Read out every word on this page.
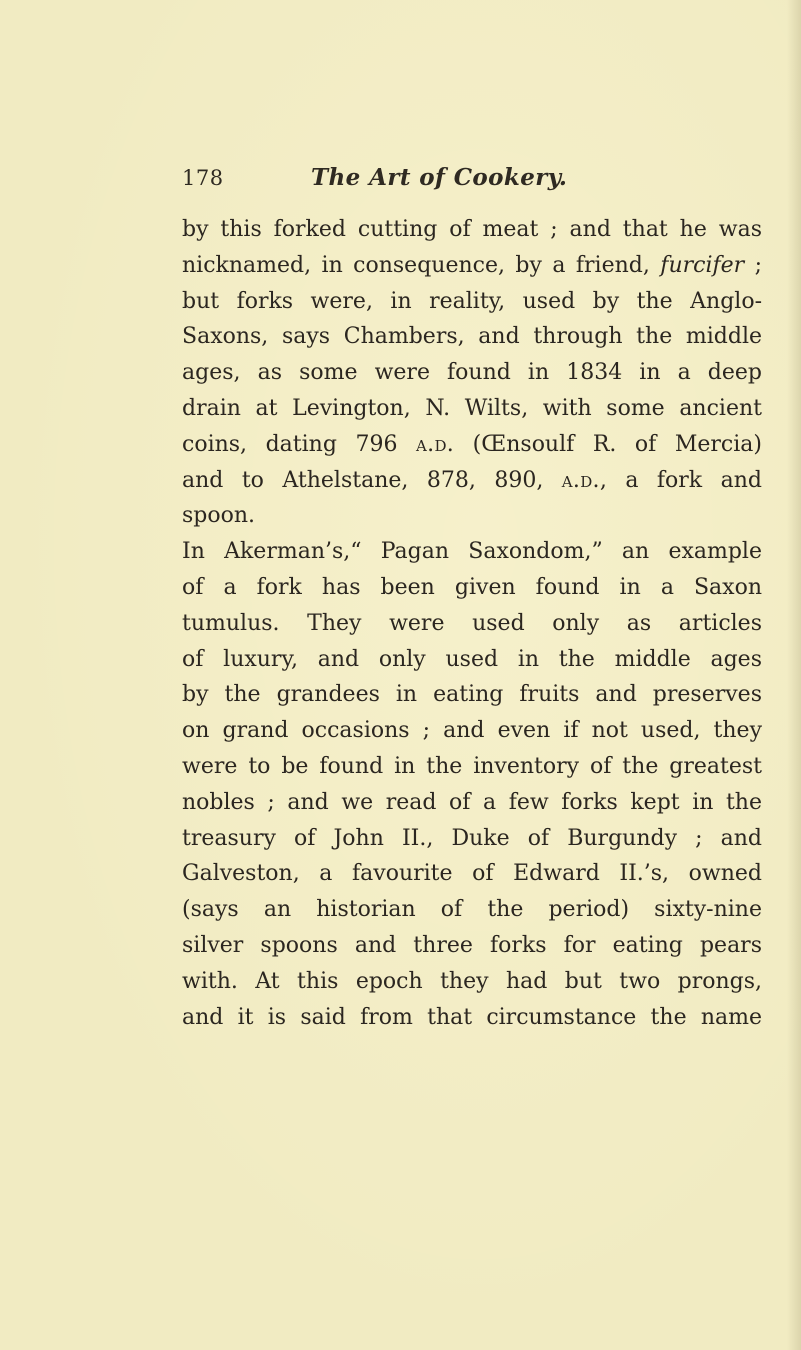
178	The Art of Cookery.
by this forked cutting of meat ; and that he was
nicknamed, in consequence, by a friend, furcifer ;
but forks were, in reality, used by the Anglo-
Saxons, says Chambers, and through the middle
ages, as some were found in 1834 in a deep
drain at Levington, N. Wilts, with some ancient
coins, dating 796 a.d. (Œnsoulf R. of Mercia)
and to Athelstane, 878, 890, a.d., a fork and
spoon.
In Akerman’s,“ Pagan Saxondom,” an example
of a fork has been given found in a Saxon
tumulus. They were used only as articles
of luxury, and only used in the middle ages
by the grandees in eating fruits and preserves
on grand occasions ; and even if not used, they
were to be found in the inventory of the greatest
nobles ; and we read of a few forks kept in the
treasury of John II., Duke of Burgundy ; and
Galveston, a favourite of Edward II.’s, owned
(says an historian of the period) sixty-nine
silver spoons and three forks for eating pears
with. At this epoch they had but two prongs,
and it is said from that circumstance the name
